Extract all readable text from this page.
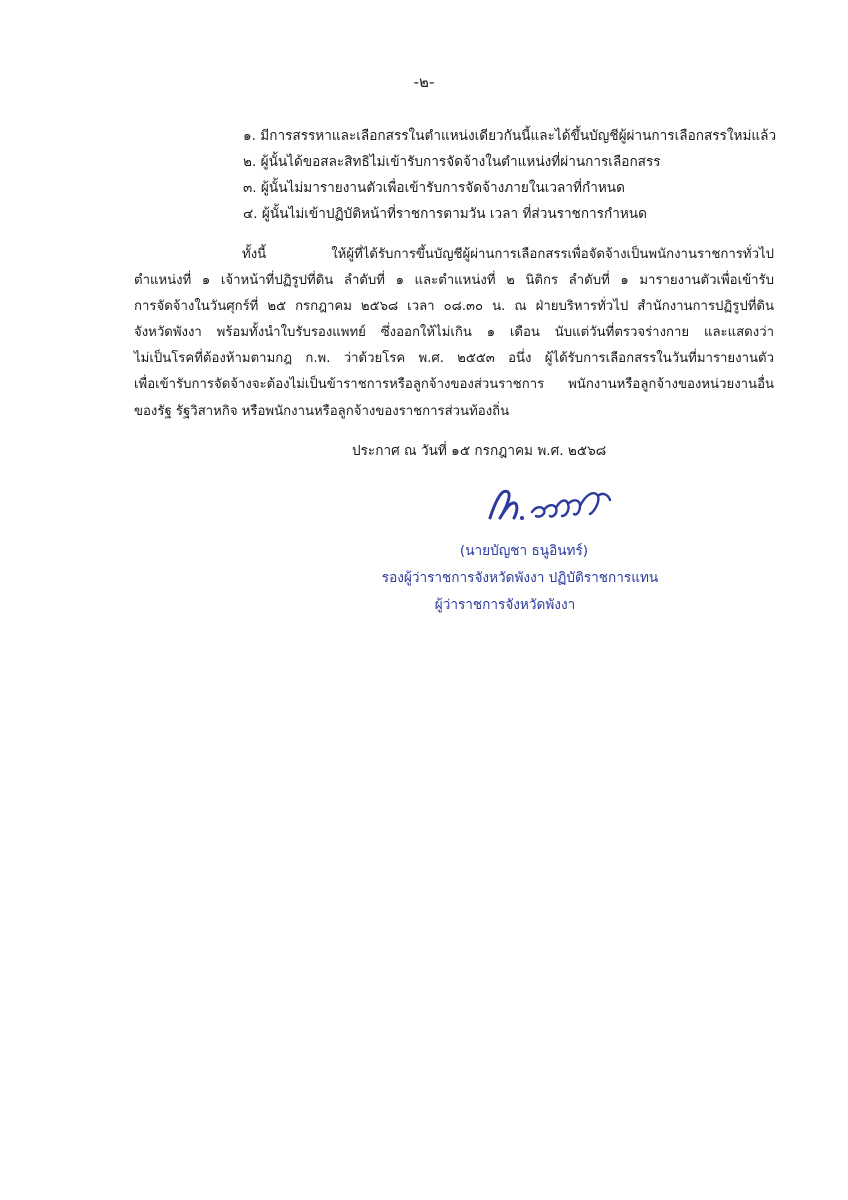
-๒-
๑. มีการสรรหาและเลือกสรรในตำแหน่งเดียวกันนี้และได้ขึ้นบัญชีผู้ผ่านการเลือกสรรใหม่แล้ว
๒. ผู้นั้นได้ขอสละสิทธิไม่เข้ารับการจัดจ้างในตำแหน่งที่ผ่านการเลือกสรร
๓. ผู้นั้นไม่มารายงานตัวเพื่อเข้ารับการจัดจ้างภายในเวลาที่กำหนด
๔. ผู้นั้นไม่เข้าปฏิบัติหน้าที่ราชการตามวัน เวลา ที่ส่วนราชการกำหนด
ทั้งนี้ ให้ผู้ที่ได้รับการขึ้นบัญชีผู้ผ่านการเลือกสรรเพื่อจัดจ้างเป็นพนักงานราชการทั่วไป
ตำแหน่งที่ ๑ เจ้าหน้าที่ปฏิรูปที่ดิน ลำดับที่ ๑ และตำแหน่งที่ ๒ นิติกร ลำดับที่ ๑ มารายงานตัวเพื่อเข้ารับ
การจัดจ้างในวันศุกร์ที่ ๒๕ กรกฎาคม ๒๕๖๘ เวลา ๐๘.๓๐ น. ณ ฝ่ายบริหารทั่วไป สำนักงานการปฏิรูปที่ดิน
จังหวัดพังงา พร้อมทั้งนำใบรับรองแพทย์ ซึ่งออกให้ไม่เกิน ๑ เดือน นับแต่วันที่ตรวจร่างกาย และแสดงว่า
ไม่เป็นโรคที่ต้องห้ามตามกฎ ก.พ. ว่าด้วยโรค พ.ศ. ๒๕๕๓ อนึ่ง ผู้ได้รับการเลือกสรรในวันที่มารายงานตัว
เพื่อเข้ารับการจัดจ้างจะต้องไม่เป็นข้าราชการหรือลูกจ้างของส่วนราชการ พนักงานหรือลูกจ้างของหน่วยงานอื่น
ของรัฐ รัฐวิสาหกิจ หรือพนักงานหรือลูกจ้างของราชการส่วนท้องถิ่น
ประกาศ ณ วันที่ ๑๕ กรกฎาคม พ.ศ. ๒๕๖๘
(นายบัญชา ธนูอินทร์)
รองผู้ว่าราชการจังหวัดพังงา ปฏิบัติราชการแทน
ผู้ว่าราชการจังหวัดพังงา
